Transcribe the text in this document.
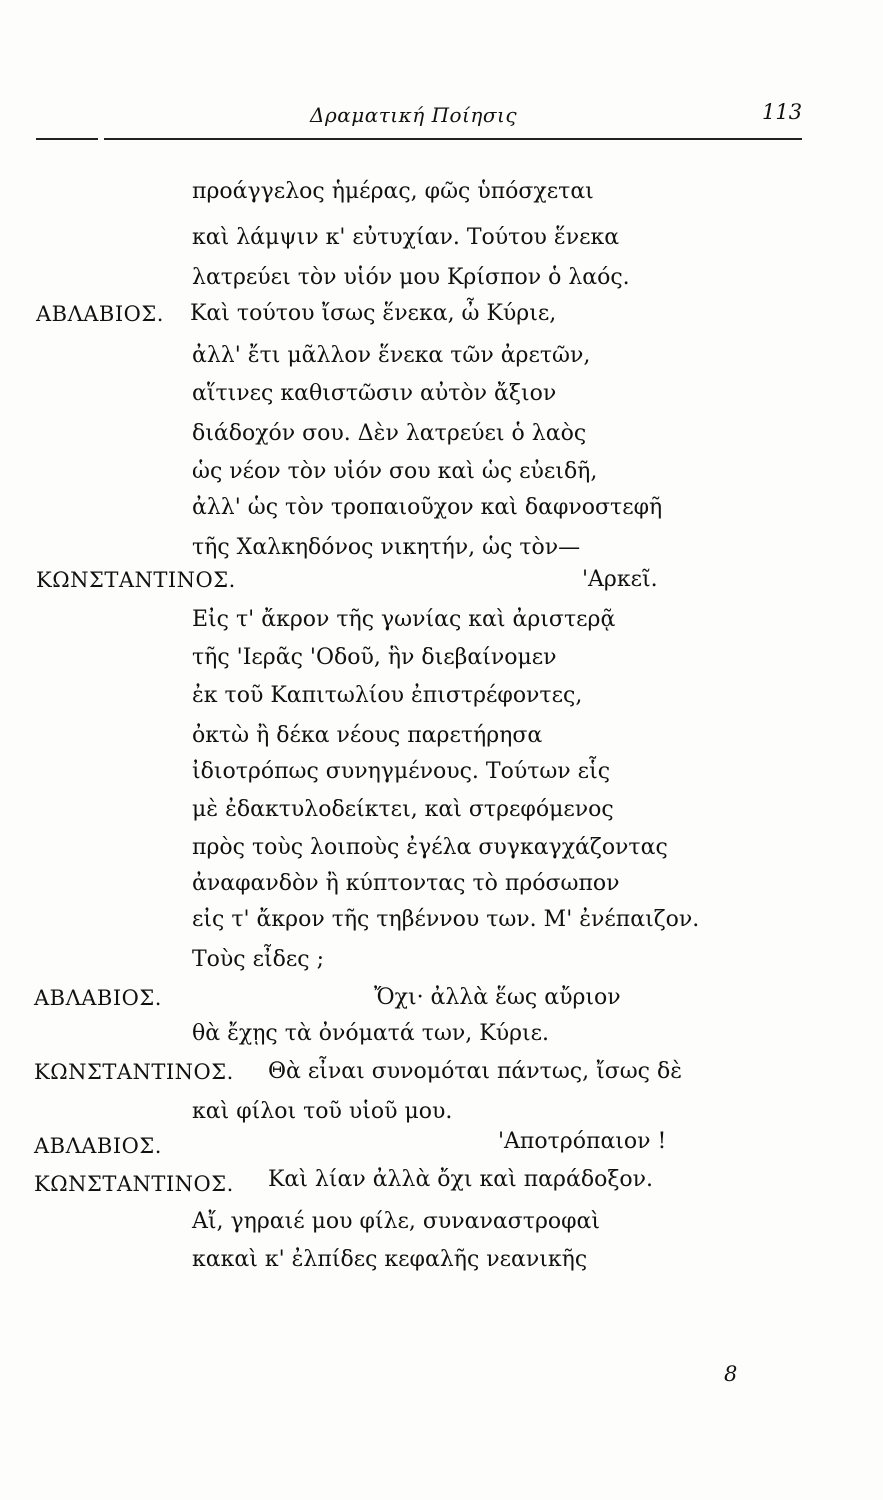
Δραματική Ποίησις	113
προάγγελος ἡμέρας, φῶς ὑπόσχεται
καὶ λάμψιν κ' εὐτυχίαν. Τούτου ἕνεκα
λατρεύει τὸν υἱόν μου Κρίσπον ὁ λαός.
ΑΒΛΑΒΙΟΣ. Καὶ τούτου ἴσως ἕνεκα, ὦ Κύριε,
ἀλλ' ἔτι μᾶλλον ἕνεκα τῶν ἀρετῶν,
αἵτινες καθιστῶσιν αὐτὸν ἄξιον
διάδοχόν σου. Δὲν λατρεύει ὁ λαὸς
ὡς νέον τὸν υἱόν σου καὶ ὡς εὐειδῆ,
ἀλλ' ὡς τὸν τροπαιοῦχον καὶ δαφνοστεφῆ
τῆς Χαλκηδόνος νικητήν, ὡς τὸν—
ΚΩΝΣΤΑΝΤΙΝΟΣ.	'Αρκεῖ.
Εἰς τ' ἄκρον τῆς γωνίας καὶ ἀριστερᾷ
τῆς 'Ιερᾶς 'Οδοῦ, ἣν διεβαίνομεν
ἐκ τοῦ Καπιτωλίου ἐπιστρέφοντες,
ὀκτὼ ἢ δέκα νέους παρετήρησα
ἰδιοτρόπως συνηγμένους. Τούτων εἷς
μὲ ἐδακτυλοδείκτει, καὶ στρεφόμενος
πρὸς τοὺς λοιποὺς ἐγέλα συγκαγχάζοντας
ἀναφανδὸν ἢ κύπτοντας τὸ πρόσωπον
εἰς τ' ἄκρον τῆς τηβέννου των. Μ' ἐνέπαιζον.
Τοὺς εἶδες ;
ΑΒΛΑΒΙΟΣ.	Ὄχι· ἀλλὰ ἕως αὔριον
θὰ ἔχῃς τὰ ὀνόματά των, Κύριε.
ΚΩΝΣΤΑΝΤΙΝΟΣ. Θὰ εἶναι συνομόται πάντως, ἴσως δὲ
καὶ φίλοι τοῦ υἱοῦ μου.
ΑΒΛΑΒΙΟΣ.	'Αποτρόπαιον !
ΚΩΝΣΤΑΝΤΙΝΟΣ. Καὶ λίαν ἀλλὰ ὄχι καὶ παράδοξον.
Αἴ, γηραιέ μου φίλε, συναναστροφαὶ
κακαὶ κ' ἐλπίδες κεφαλῆς νεανικῆς
8
